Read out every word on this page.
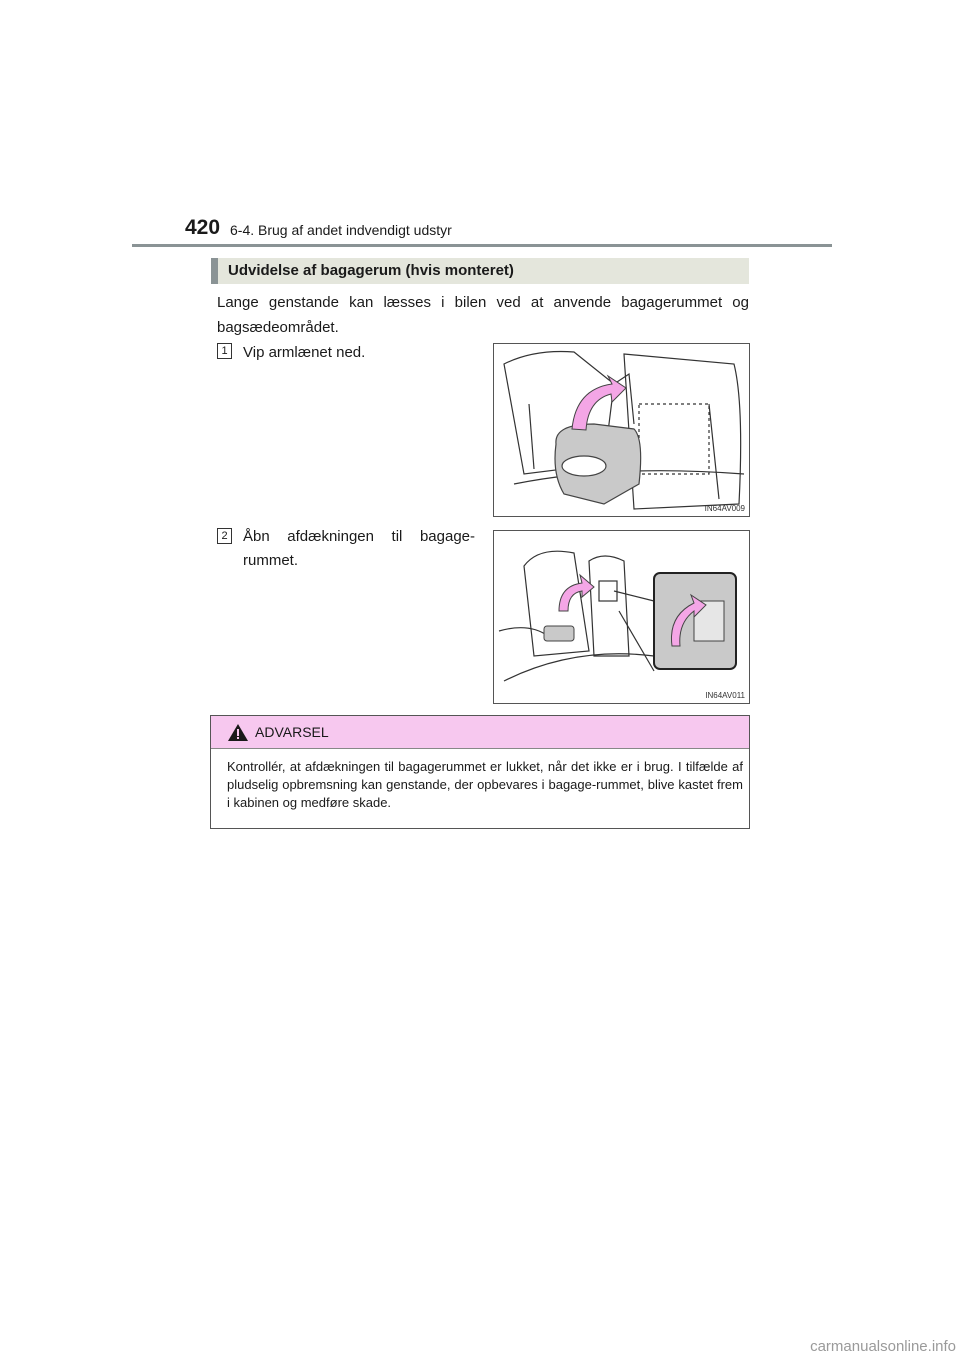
420 6-4. Brug af andet indvendigt udstyr
Udvidelse af bagagerum (hvis monteret)
Lange genstande kan læsses i bilen ved at anvende bagagerummet og bagsædeområdet.
1 Vip armlænet ned.
IN64AV009
2 Åbn afdækningen til bagage-rummet.
IN64AV011
ADVARSEL
Kontrollér, at afdækningen til bagagerummet er lukket, når det ikke er i brug. I tilfælde af pludselig opbremsning kan genstande, der opbevares i bagage-rummet, blive kastet frem i kabinen og medføre skade.
carmanualsonline.info
